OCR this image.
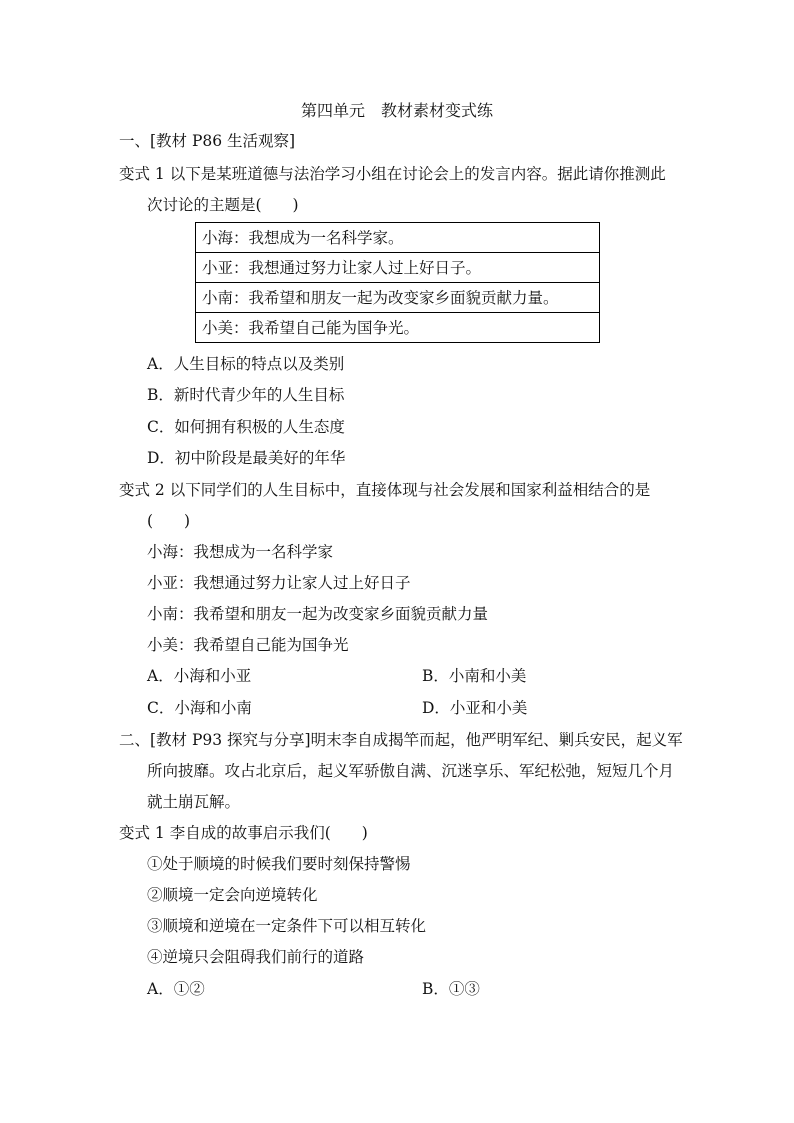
第四单元　教材素材变式练
一、[教材 P86 生活观察]
变式 1 以下是某班道德与法治学习小组在讨论会上的发言内容。据此请你推测此
次讨论的主题是(　　)
小海：我想成为一名科学家。
小亚：我想通过努力让家人过上好日子。
小南：我希望和朋友一起为改变家乡面貌贡献力量。
小美：我希望自己能为国争光。
A．人生目标的特点以及类别
B．新时代青少年的人生目标
C．如何拥有积极的人生态度
D．初中阶段是最美好的年华
变式 2 以下同学们的人生目标中，直接体现与社会发展和国家利益相结合的是
(　　)
小海：我想成为一名科学家
小亚：我想通过努力让家人过上好日子
小南：我希望和朋友一起为改变家乡面貌贡献力量
小美：我希望自己能为国争光
A．小海和小亚	B．小南和小美
C．小海和小南	D．小亚和小美
二、[教材 P93 探究与分享]明末李自成揭竿而起，他严明军纪、剿兵安民，起义军
所向披靡。攻占北京后，起义军骄傲自满、沉迷享乐、军纪松弛，短短几个月
就土崩瓦解。
变式 1 李自成的故事启示我们(　　)
①处于顺境的时候我们要时刻保持警惕
②顺境一定会向逆境转化
③顺境和逆境在一定条件下可以相互转化
④逆境只会阻碍我们前行的道路
A．①②	B．①③
